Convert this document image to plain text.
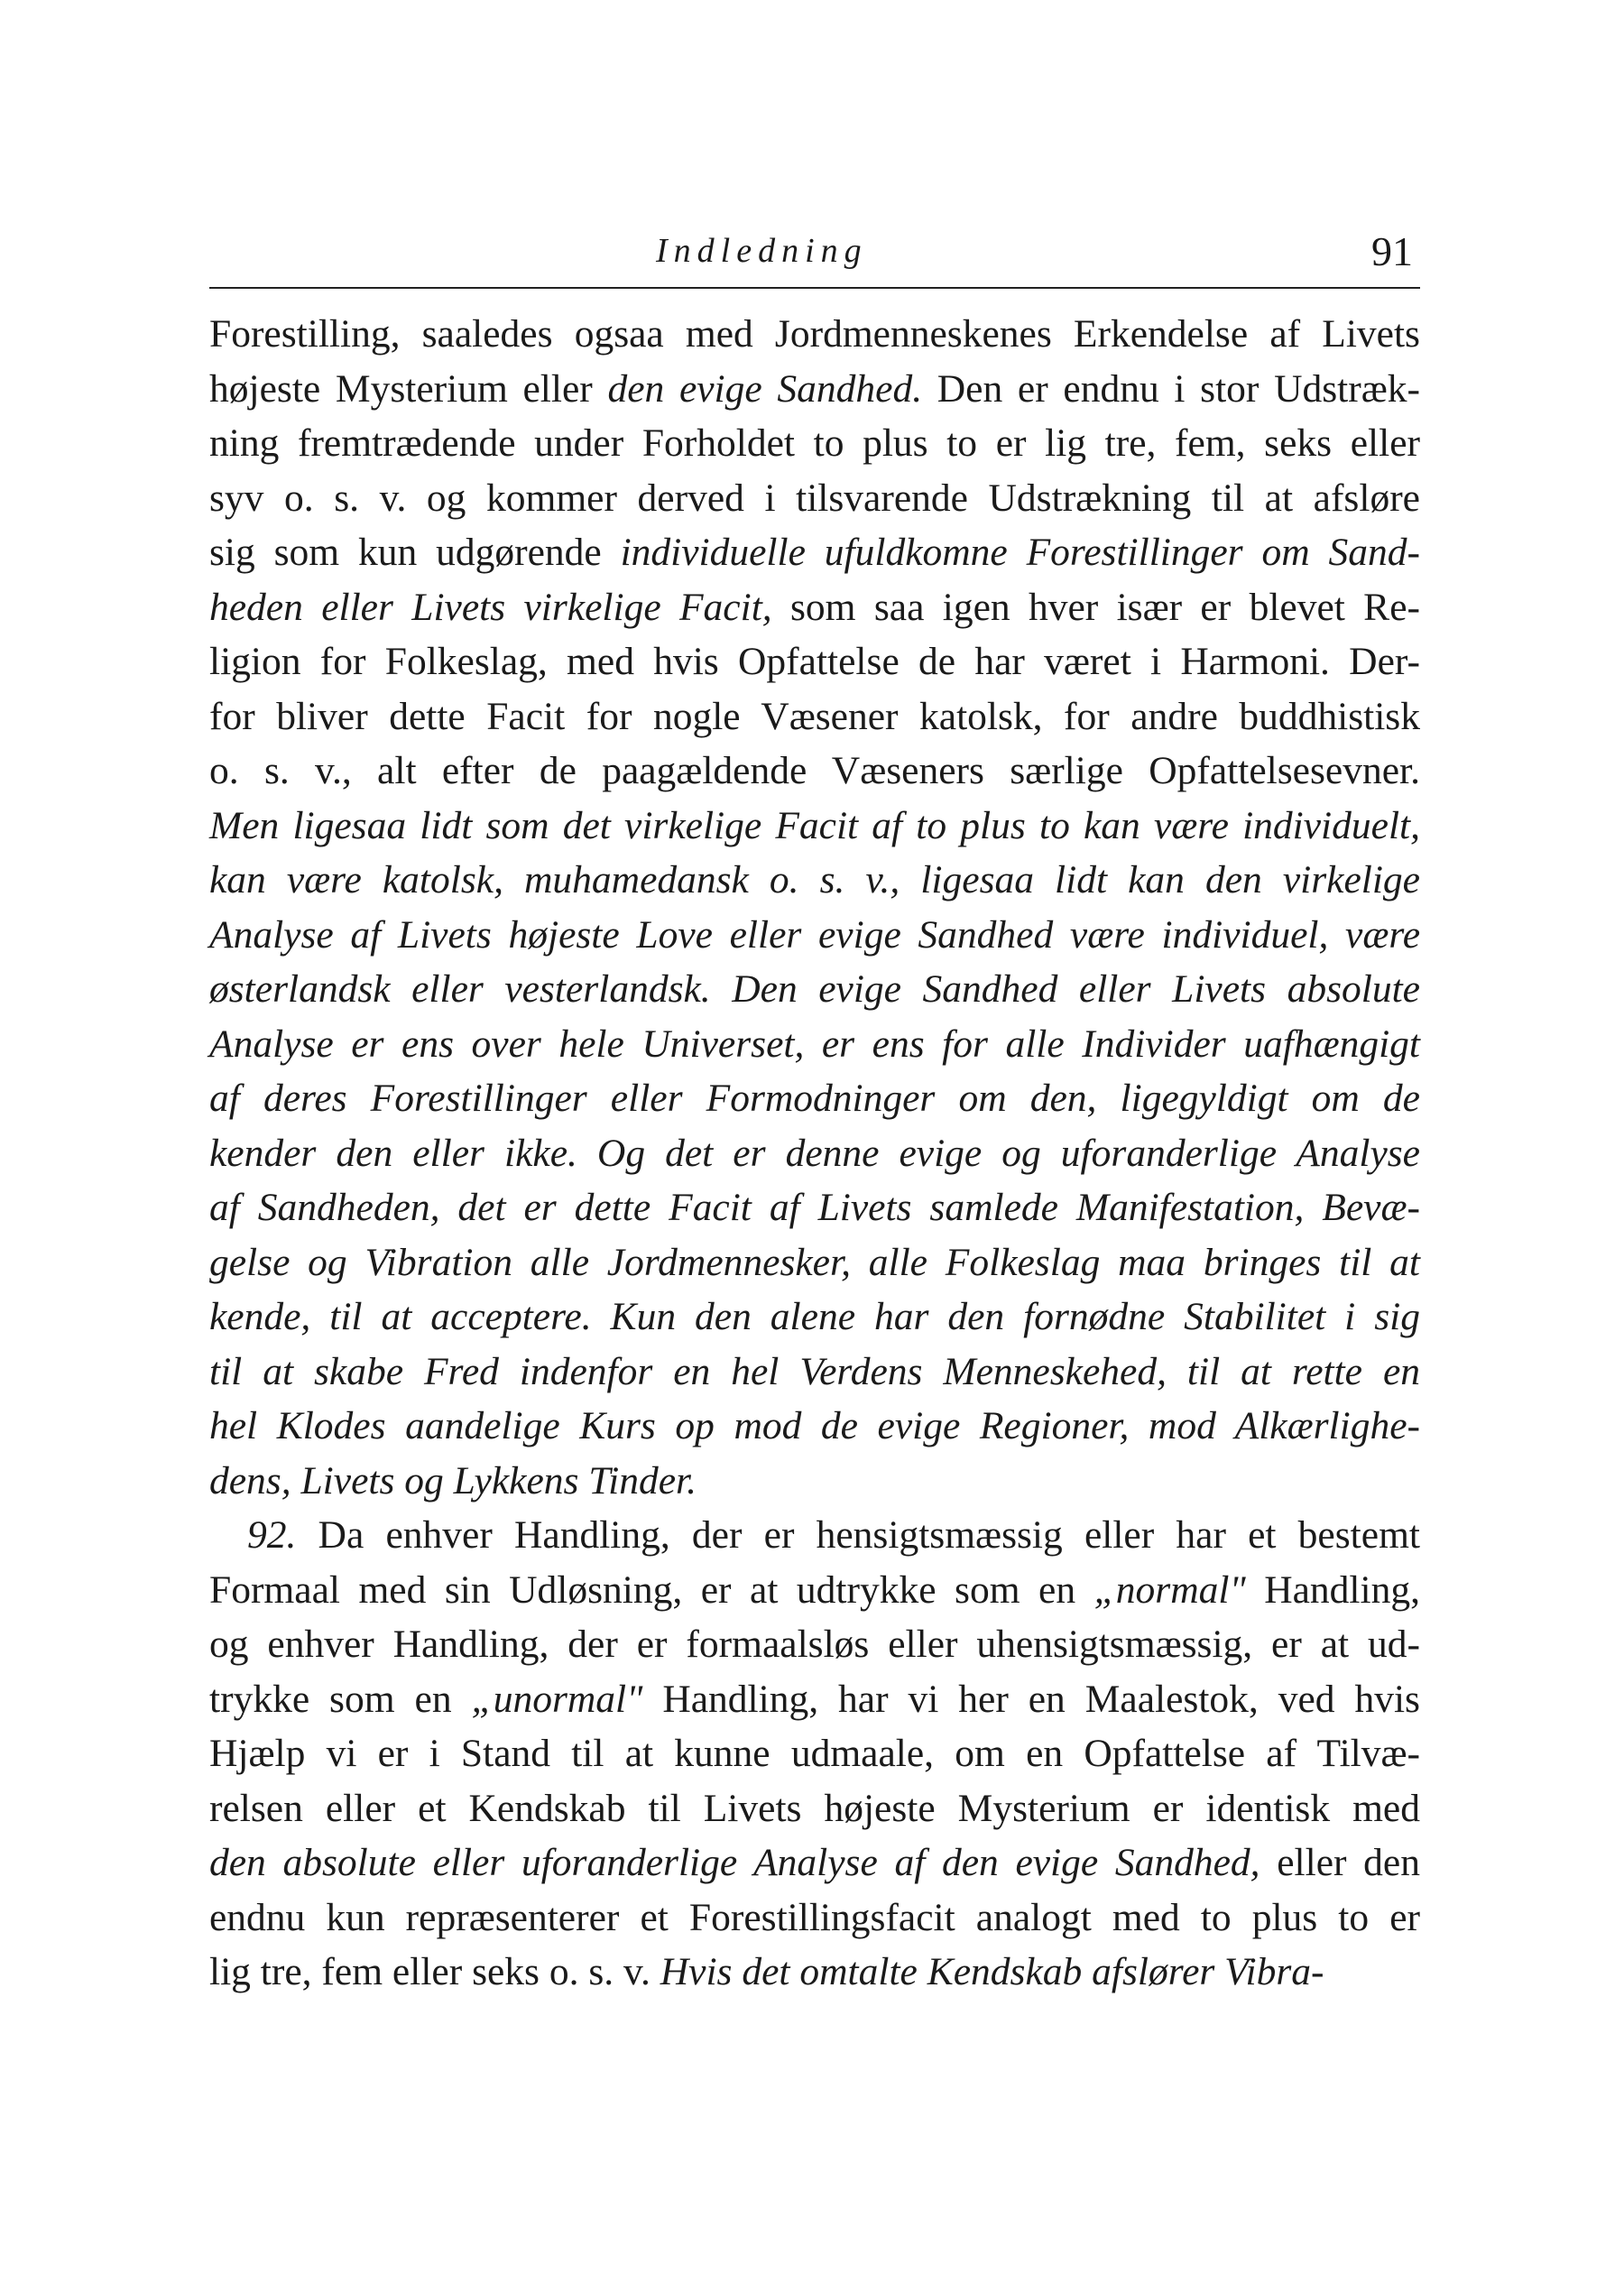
Indledning	91
Forestilling, saaledes ogsaa med Jordmenneskenes Erkendelse af Livets
højeste Mysterium eller den evige Sandhed. Den er endnu i stor Udstræk-
ning fremtrædende under Forholdet to plus to er lig tre, fem, seks eller
syv o. s. v. og kommer derved i tilsvarende Udstrækning til at afsløre
sig som kun udgørende individuelle ufuldkomne Forestillinger om Sand-
heden eller Livets virkelige Facit, som saa igen hver især er blevet Re-
ligion for Folkeslag, med hvis Opfattelse de har været i Harmoni. Der-
for bliver dette Facit for nogle Væsener katolsk, for andre buddhistisk
o. s. v., alt efter de paagældende Væseners særlige Opfattelsesevner.
Men ligesaa lidt som det virkelige Facit af to plus to kan være individuelt,
kan være katolsk, muhamedansk o. s. v., ligesaa lidt kan den virkelige
Analyse af Livets højeste Love eller evige Sandhed være individuel, være
østerlandsk eller vesterlandsk. Den evige Sandhed eller Livets absolute
Analyse er ens over hele Universet, er ens for alle Individer uafhængigt
af deres Forestillinger eller Formodninger om den, ligegyldigt om de
kender den eller ikke. Og det er denne evige og uforanderlige Analyse
af Sandheden, det er dette Facit af Livets samlede Manifestation, Bevæ-
gelse og Vibration alle Jordmennesker, alle Folkeslag maa bringes til at
kende, til at acceptere. Kun den alene har den fornødne Stabilitet i sig
til at skabe Fred indenfor en hel Verdens Menneskehed, til at rette en
hel Klodes aandelige Kurs op mod de evige Regioner, mod Alkærlighe-
dens, Livets og Lykkens Tinder.
92. Da enhver Handling, der er hensigtsmæssig eller har et bestemt
Formaal med sin Udløsning, er at udtrykke som en „normal" Handling,
og enhver Handling, der er formaalsløs eller uhensigtsmæssig, er at ud-
trykke som en „unormal" Handling, har vi her en Maalestok, ved hvis
Hjælp vi er i Stand til at kunne udmaale, om en Opfattelse af Tilvæ-
relsen eller et Kendskab til Livets højeste Mysterium er identisk med
den absolute eller uforanderlige Analyse af den evige Sandhed, eller den
endnu kun repræsenterer et Forestillingsfacit analogt med to plus to er
lig tre, fem eller seks o. s. v. Hvis det omtalte Kendskab afslører Vibra-
